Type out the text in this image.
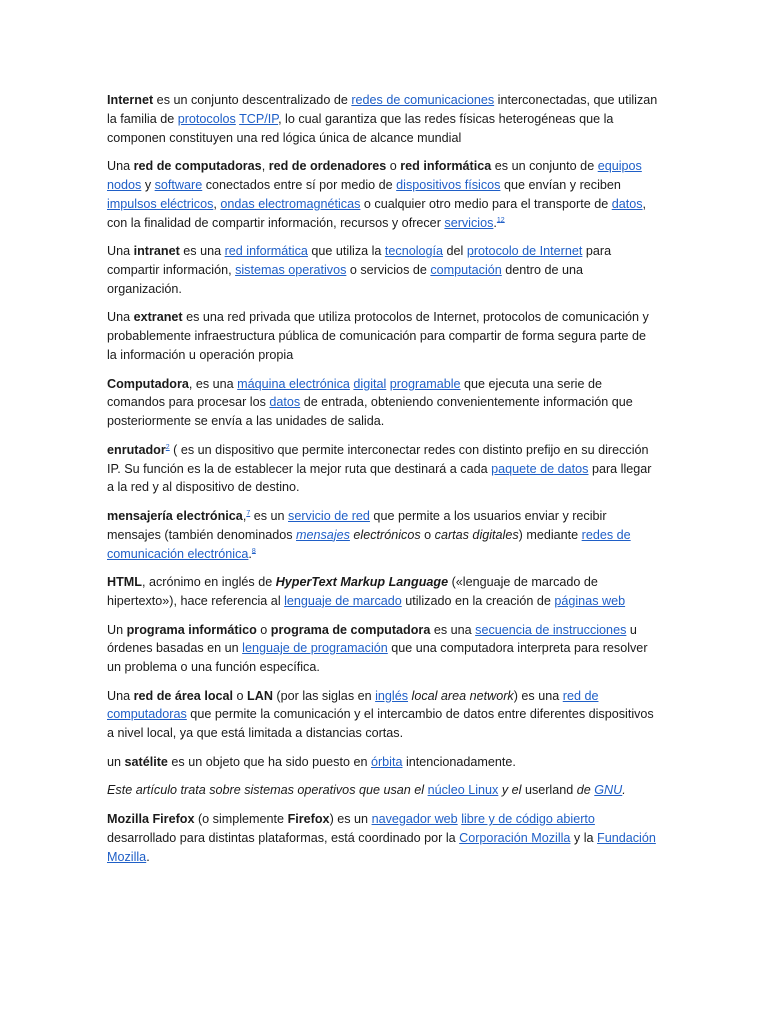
Internet es un conjunto descentralizado de redes de comunicaciones interconectadas, que utilizan la familia de protocolos TCP/IP, lo cual garantiza que las redes físicas heterogéneas que la componen constituyen una red lógica única de alcance mundial

Una red de computadoras, red de ordenadores o red informática es un conjunto de equipos nodos y software conectados entre sí por medio de dispositivos físicos que envían y reciben impulsos eléctricos, ondas electromagnéticas o cualquier otro medio para el transporte de datos, con la finalidad de compartir información, recursos y ofrecer servicios.$^{12}$

Una intranet es una red informática que utiliza la tecnología del protocolo de Internet para compartir información, sistemas operativos o servicios de computación dentro de una organización.

Una extranet es una red privada que utiliza protocolos de Internet, protocolos de comunicación y probablemente infraestructura pública de comunicación para compartir de forma segura parte de la información u operación propia

Computadora, es una máquina electrónica digital programable que ejecuta una serie de comandos para procesar los datos de entrada, obteniendo convenientemente información que posteriormente se envía a las unidades de salida.

enrutador$^2$ ( es un dispositivo que permite interconectar redes con distinto prefijo en su dirección IP. Su función es la de establecer la mejor ruta que destinará a cada paquete de datos para llegar a la red y al dispositivo de destino.

mensajería electrónica,$^7$ es un servicio de red que permite a los usuarios enviar y recibir mensajes (también denominados mensajes electrónicos o cartas digitales) mediante redes de comunicación electrónica.$^8$

HTML, acrónimo en inglés de HyperText Markup Language («lenguaje de marcado de hipertexto»), hace referencia al lenguaje de marcado utilizado en la creación de páginas web

Un programa informático o programa de computadora es una secuencia de instrucciones u órdenes basadas en un lenguaje de programación que una computadora interpreta para resolver un problema o una función específica.

Una red de área local o LAN (por las siglas en inglés local area network) es una red de computadoras que permite la comunicación y el intercambio de datos entre diferentes dispositivos a nivel local, ya que está limitada a distancias cortas.

un satélite es un objeto que ha sido puesto en órbita intencionadamente.

Este artículo trata sobre sistemas operativos que usan el núcleo Linux y el userland de GNU.

Mozilla Firefox (o simplemente Firefox) es un navegador web libre y de código abierto desarrollado para distintas plataformas, está coordinado por la Corporación Mozilla y la Fundación Mozilla.
